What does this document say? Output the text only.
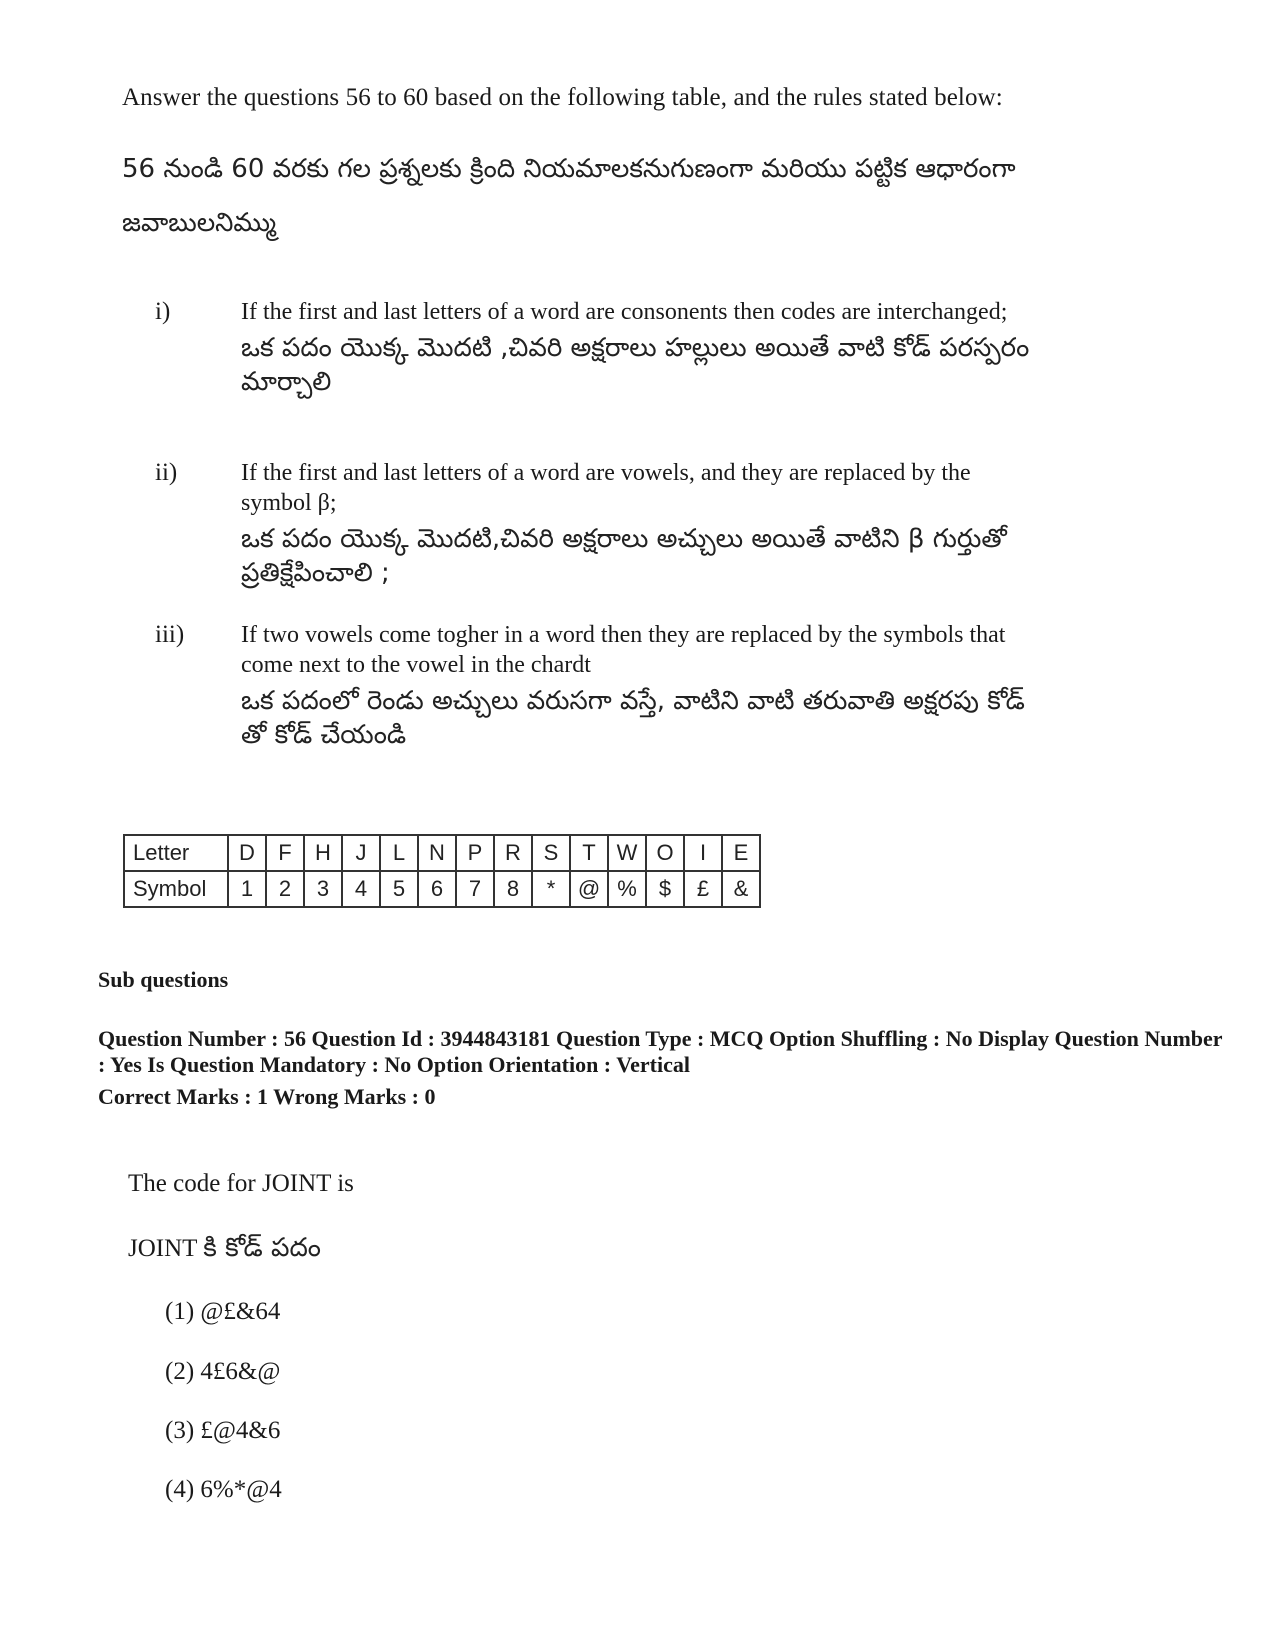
Answer the questions 56 to 60 based on the following table, and the rules stated below:
56 నుండి 60 వరకు గల ప్రశ్నలకు క్రింది నియమాలకనుగుణంగా మరియు పట్టిక ఆధారంగా జవాబులనిమ్ము
i)	If the first and last letters of a word are consonents then codes are interchanged;
ఒక పదం యొక్క మొదటి ,చివరి అక్షరాలు హల్లులు అయితే వాటి కోడ్ పరస్పరం మార్చాలి
ii)	If the first and last letters of a word are vowels, and they are replaced by the symbol β;
ఒక పదం యొక్క మొదటి,చివరి అక్షరాలు అచ్చులు అయితే వాటిని β గుర్తుతో ప్రతిక్షేపించాలి ;
iii) If two vowels come togher in a word then they are replaced by the symbols that come next to the vowel in the chardt
ఒక పదంలో రెండు అచ్చులు వరుసగా వస్తే, వాటిని వాటి తరువాతి అక్షరపు కోడ్ తో కోడ్ చేయండి
Letter	D	F	H	J	L	N	P	R	S	T	W	O	I	E
Symbol	1	2	3	4	5	6	7	8	*	@	%	$	£	&
Sub questions
Question Number : 56 Question Id : 3944843181 Question Type : MCQ Option Shuffling : No Display Question Number : Yes Is Question Mandatory : No Option Orientation : Vertical
Correct Marks : 1 Wrong Marks : 0
The code for JOINT is
JOINT కి కోడ్ పదం
(1) @£&64
(2) 4£6&@
(3) £@4&6
(4) 6%*@4
